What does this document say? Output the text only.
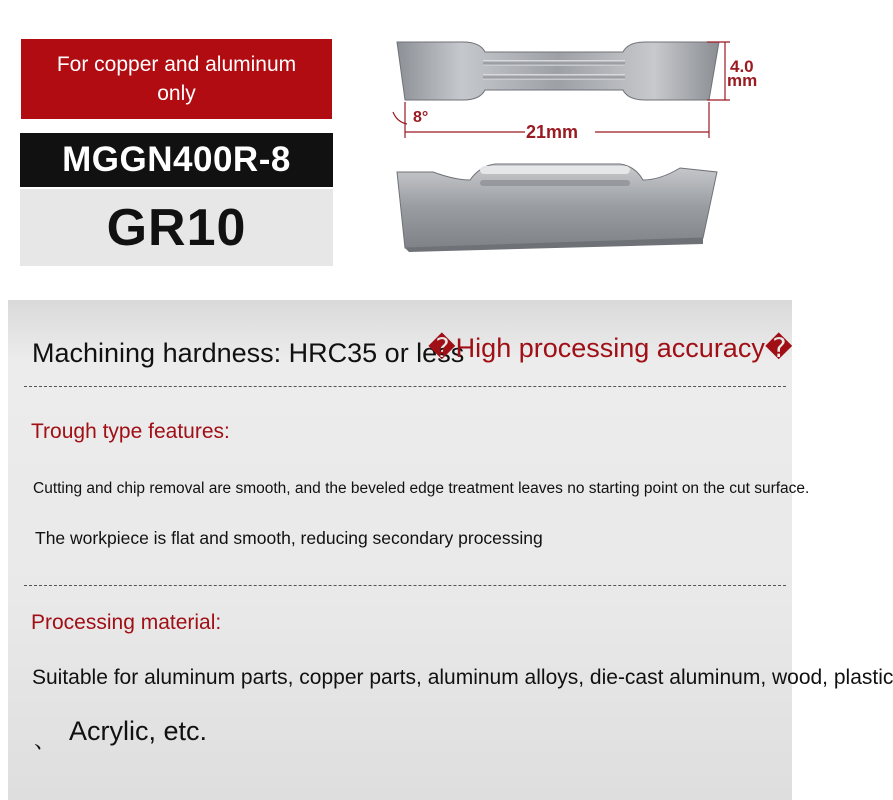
For copper and aluminum only
MGGN400R-8
GR10
4.0
mm
8°
21mm
Machining hardness: HRC35 or less
�High processing accuracy�
Trough type features:
Cutting and chip removal are smooth, and the beveled edge treatment leaves no starting point on the cut surface.
The workpiece is flat and smooth, reducing secondary processing
Processing material:
Suitable for aluminum parts, copper parts, aluminum alloys, die-cast aluminum, wood, plastic
、 Acrylic, etc.
